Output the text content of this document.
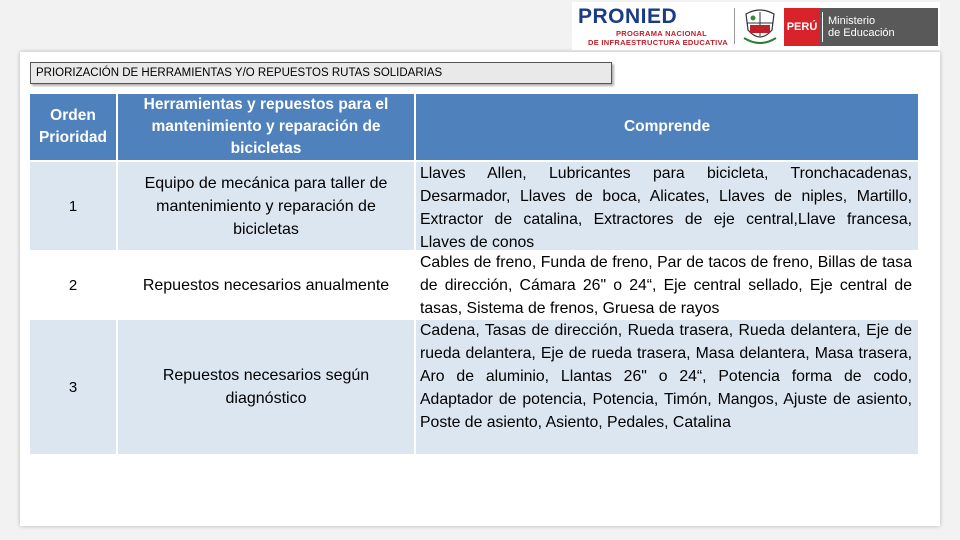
PRONIED
PROGRAMA NACIONAL
DE INFRAESTRUCTURA EDUCATIVA
PERÚ Ministerio
de Educación
PRIORIZACIÓN DE HERRAMIENTAS Y/O REPUESTOS RUTAS SOLIDARIAS
Orden Prioridad
Herramientas y repuestos para el mantenimiento y reparación de bicicletas
Comprende
1
Equipo de mecánica para taller de mantenimiento y reparación de bicicletas
Llaves Allen, Lubricantes para bicicleta, Tronchacadenas, Desarmador, Llaves de boca, Alicates, Llaves de niples, Martillo, Extractor de catalina, Extractores de eje central,Llave francesa, Llaves de conos
2	Repuestos necesarios anualmente
Cables de freno, Funda de freno, Par de tacos de freno, Billas de tasa de dirección, Cámara 26" o 24“, Eje central sellado, Eje central de tasas, Sistema de frenos, Gruesa de rayos
3
Repuestos necesarios según diagnóstico
Cadena, Tasas de dirección, Rueda trasera, Rueda delantera, Eje de rueda delantera, Eje de rueda trasera, Masa delantera, Masa trasera, Aro de aluminio, Llantas 26" o 24“, Potencia forma de codo, Adaptador de potencia, Potencia, Timón, Mangos, Ajuste de asiento, Poste de asiento, Asiento, Pedales, Catalina
